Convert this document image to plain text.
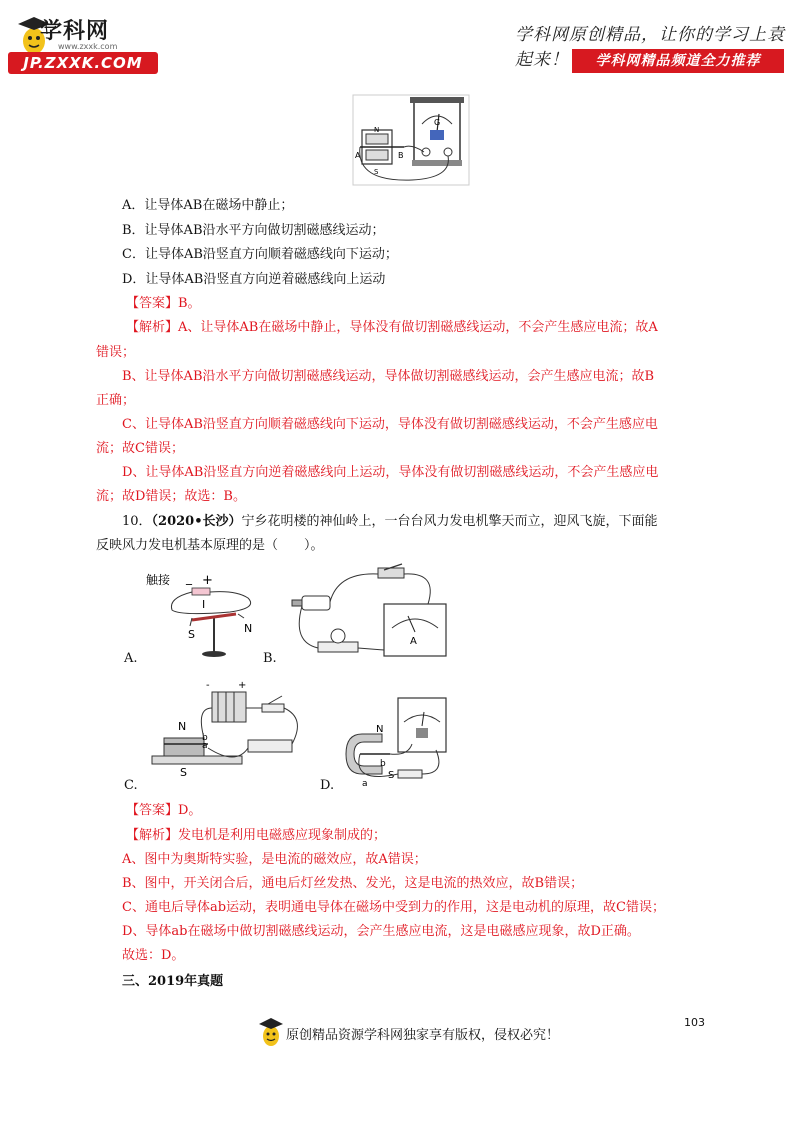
学科网
www.zxxk.com
JP.ZXXK.COM
学科网原创精品，让你的学习上袁起来！	学科网精品频道全力推荐
G
A	B
N
S
A．让导体AB在磁场中静止；
B．让导体AB沿水平方向做切割磁感线运动；
C．让导体AB沿竖直方向顺着磁感线向下运动；
D．让导体AB沿竖直方向逆着磁感线向上运动
【答案】B。
【解析】A、让导体AB在磁场中静止，导体没有做切割磁感线运动，不会产生感应电流；故A
错误；
B、让导体AB沿水平方向做切割磁感线运动，导体做切割磁感线运动，会产生感应电流；故B
正确；
C、让导体AB沿竖直方向顺着磁感线向下运动，导体没有做切割磁感线运动，不会产生感应电
流；故C错误；
D、让导体AB沿竖直方向逆着磁感线向上运动，导体没有做切割磁感线运动，不会产生感应电
流；故D错误；故选：B。
10．（2020•长沙）宁乡花明楼的神仙岭上，一台台风力发电机擎天而立，迎风飞旋，下面能
反映风力发电机基本原理的是（　　）。
触接 _ +
I
S	N
A.
A
B.
-	+
N
S
a
b
C.
N
S
a
b
D.
【答案】D。
【解析】发电机是利用电磁感应现象制成的；
A、图中为奥斯特实验，是电流的磁效应，故A错误；
B、图中，开关闭合后，通电后灯丝发热、发光，这是电流的热效应，故B错误；
C、通电后导体ab运动，表明通电导体在磁场中受到力的作用，这是电动机的原理，故C错误；
D、导体ab在磁场中做切割磁感线运动，会产生感应电流，这是电磁感应现象，故D正确。
故选：D。
三、2019年真题
103
原创精品资源学科网独家享有版权，侵权必究！
